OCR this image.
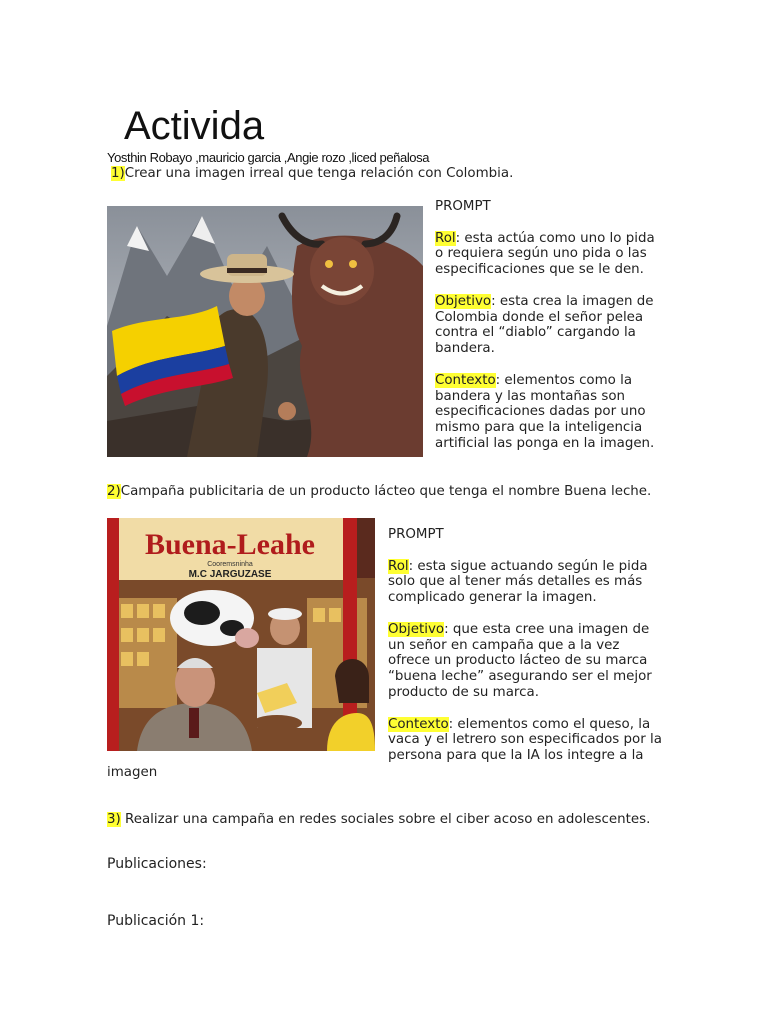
Activida
Yosthin Robayo ,mauricio garcia ,Angie rozo ,liced peñalosa
1)Crear una imagen irreal que tenga relación con Colombia.
PROMPT

Rol: esta actúa como uno lo pida o requiera según uno pida o las especificaciones que se le den.

Objetivo: esta crea la imagen de Colombia donde el señor pelea contra el “diablo” cargando la bandera.

Contexto: elementos como la bandera y las montañas son especificaciones dadas por uno mismo para que la inteligencia artificial las ponga en la imagen.

2)Campaña publicitaria de un producto lácteo que tenga el nombre Buena leche.
Buena-Leahe
Cooremsninha
M.C JARGUZASE
PROMPT

Rol: esta sigue actuando según le pida solo que al tener más detalles es más complicado generar la imagen.

Objetivo: que esta cree una imagen de un señor en campaña que a la vez ofrece un producto lácteo de su marca “buena leche” asegurando ser el mejor producto de su marca.

Contexto: elementos como el queso, la vaca y el letrero son especificados por la persona para que la IA los integre a la

imagen
3) Realizar una campaña en redes sociales sobre el ciber acoso en adolescentes.
Publicaciones:
Publicación 1:
